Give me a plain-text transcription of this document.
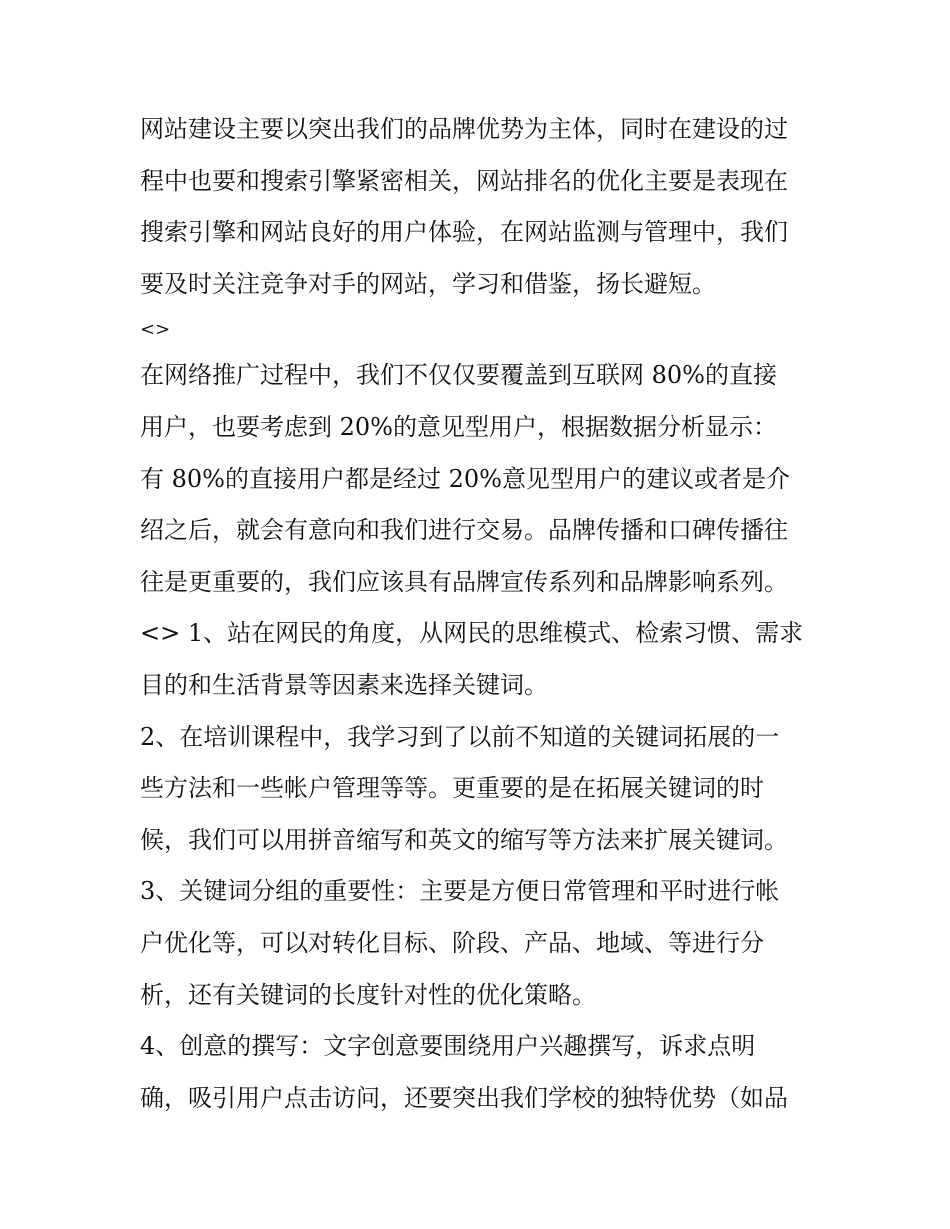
网站建设主要以突出我们的品牌优势为主体，同时在建设的过
程中也要和搜索引擎紧密相关，网站排名的优化主要是表现在
搜索引擎和网站良好的用户体验，在网站监测与管理中，我们
要及时关注竞争对手的网站，学习和借鉴，扬长避短。
<>
在网络推广过程中，我们不仅仅要覆盖到互联网 80%的直接
用户，也要考虑到 20%的意见型用户，根据数据分析显示：
有 80%的直接用户都是经过 20%意见型用户的建议或者是介
绍之后，就会有意向和我们进行交易。品牌传播和口碑传播往
往是更重要的，我们应该具有品牌宣传系列和品牌影响系列。
<> 1、站在网民的角度，从网民的思维模式、检索习惯、需求
目的和生活背景等因素来选择关键词。
2、在培训课程中，我学习到了以前不知道的关键词拓展的一
些方法和一些帐户管理等等。更重要的是在拓展关键词的时
候，我们可以用拼音缩写和英文的缩写等方法来扩展关键词。
3、关键词分组的重要性：主要是方便日常管理和平时进行帐
户优化等，可以对转化目标、阶段、产品、地域、等进行分
析，还有关键词的长度针对性的优化策略。
4、创意的撰写：文字创意要围绕用户兴趣撰写，诉求点明
确，吸引用户点击访问，还要突出我们学校的独特优势（如品
